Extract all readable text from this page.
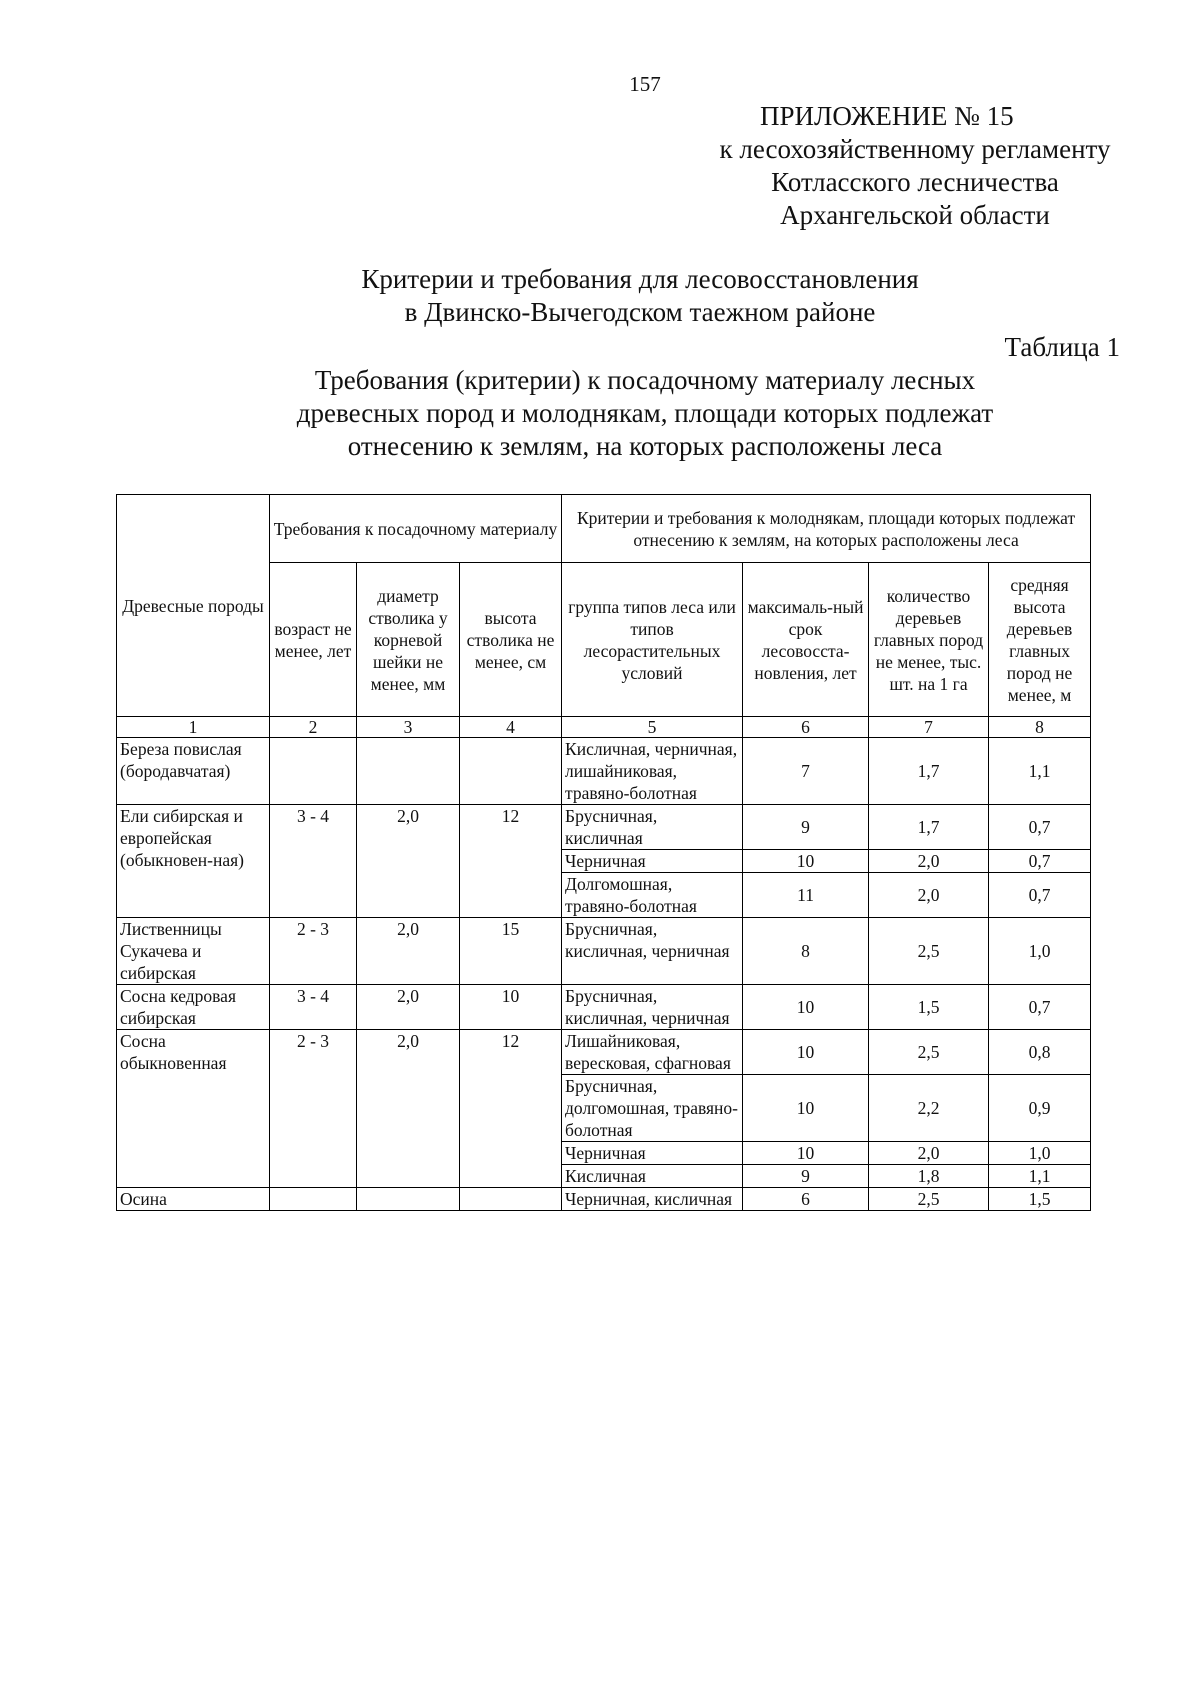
157
ПРИЛОЖЕНИЕ № 15
к лесохозяйственному регламенту
Котласского лесничества
Архангельской области
Критерии и требования для лесовосстановления
в Двинско-Вычегодском таежном районе
Таблица 1
Требования (критерии) к посадочному материалу лесных
древесных пород и молоднякам, площади которых подлежат
отнесению к землям, на которых расположены леса
Древесные породы	Требования к посадочному материалу			Критерии и требования к молоднякам, площади которых подлежат отнесению к землям, на которых расположены леса			
	возраст не менее, лет	диаметр стволика у корневой шейки не менее, мм	высота стволика не менее, см	группа типов леса или типов лесорастительных условий	максималь-ный срок лесовосста-новления, лет	количество деревьев главных пород не менее, тыс. шт. на 1 га	средняя высота деревьев главных пород не менее, м
1	2	3	4	5	6	7	8
Береза повислая (бородавчатая)				Кисличная, черничная, лишайниковая, травяно-болотная	7	1,7	1,1
Ели сибирская и европейская (обыкновен-ная)	3 - 4	2,0	12	Брусничная, кисличная	9	1,7	0,7
				Черничная	10	2,0	0,7
				Долгомошная, травяно-болотная	11	2,0	0,7
Лиственницы Сукачева и сибирская	2 - 3	2,0	15	Брусничная, кисличная, черничная	8	2,5	1,0
Сосна кедровая сибирская	3 - 4	2,0	10	Брусничная, кисличная, черничная	10	1,5	0,7
Сосна обыкновенная	2 - 3	2,0	12	Лишайниковая, вересковая, сфагновая	10	2,5	0,8
				Брусничная, долгомошная, травяно-болотная	10	2,2	0,9
				Черничная	10	2,0	1,0
				Кисличная	9	1,8	1,1
Осина				Черничная, кисличная	6	2,5	1,5
